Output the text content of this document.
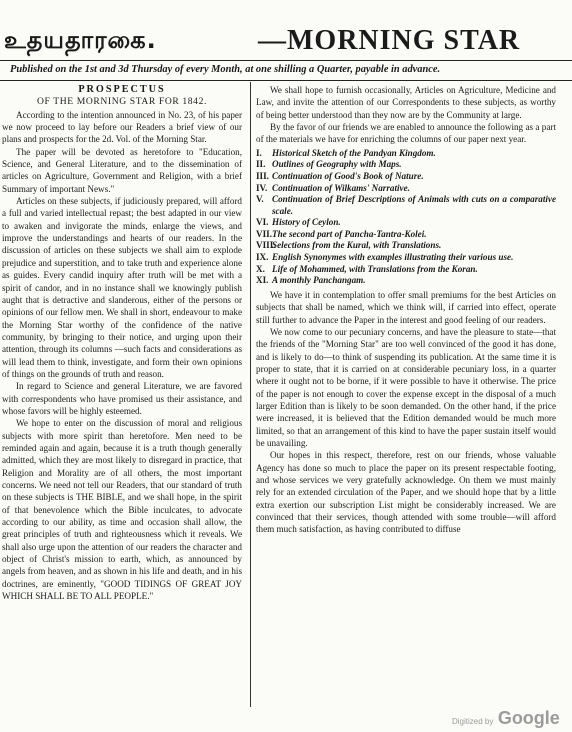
உதயதாரகை.	—MORNING STAR
Published on the 1st and 3d Thursday of every Month, at one shilling a Quarter, payable in advance.

PROSPECTUS

OF THE MORNING STAR FOR 1842.

According to the intention announced in No. 23, of his paper we now proceed to lay before our Readers a brief view of our plans and prospects for the 2d. Vol. of the Morning Star.

The paper will be devoted as heretofore to "Education, Science, and General Literature, and to the dissemination of articles on Agriculture, Government and Religion, with a brief Summary of important News."

Articles on these subjects, if judiciously prepared, will afford a full and varied intellectual repast; the best adapted in our view to awaken and invigorate the minds, enlarge the views, and improve the understandings and hearts of our readers. In the discussion of articles on these subjects we shall aim to explode prejudice and superstition, and to take truth and experience alone as guides. Every candid inquiry after truth will be met with a spirit of candor, and in no instance shall we knowingly publish aught that is detractive and slanderous, either of the persons or opinions of our fellow men. We shall in short, endeavour to make the Morning Star worthy of the confidence of the native community, by bringing to their notice, and urging upon their attention, through its columns —such facts and considerations as will lead them to think, investigate, and form their own opinions of things on the grounds of truth and reason.

In regard to Science and general Literature, we are favored with correspondents who have promised us their assistance, and whose favors will be highly esteemed.

We hope to enter on the discussion of moral and religious subjects with more spirit than heretofore. Men need to be reminded again and again, because it is a truth though generally admitted, which they are most likely to disregard in practice, that Religion and Morality are of all others, the most important concerns. We need not tell our Readers, that our standard of truth on these subjects is THE BIBLE, and we shall hope, in the spirit of that benevolence which the Bible inculcates, to advocate according to our ability, as time and occasion shall allow, the great principles of truth and righteousness which it reveals. We shall also urge upon the attention of our readers the character and object of Christ's mission to earth, which, as announced by angels from heaven, and as shown in his life and death, and in his doctrines, are eminently, "GOOD TIDINGS OF GREAT JOY WHICH SHALL BE TO ALL PEOPLE."

We shall hope to furnish occasionally, Articles on Agriculture, Medicine and Law, and invite the attention of our Correspondents to these subjects, as worthy of being better understood than they now are by the Community at large.

By the favor of our friends we are enabled to announce the following as a part of the materials we have for enriching the columns of our paper next year.

I. Historical Sketch of the Pandyan Kingdom.
II. Outlines of Geography with Maps.
III. Continuation of Good's Book of Nature.
IV. Continuation of Wilkams' Narrative.
V. Continuation of Brief Descriptions of Animals with cuts on a comparative scale.
VI. History of Ceylon.
VII.The second part of Pancha-Tantra-Kolei.
VIII.Selections from the Kural, with Translations.
IX. English Synonymes with examples illustrating their various use.
X. Life of Mohammed, with Translations from the Koran.
XI. A monthly Panchangam.

We have it in contemplation to offer small premiums for the best Articles on subjects that shall be named, which we think will, if carried into effect, operate still further to advance the Paper in the interest and good feeling of our readers.

We now come to our pecuniary concerns, and have the pleasure to state—that the friends of the "Morning Star" are too well convinced of the good it has done, and is likely to do—to think of suspending its publication. At the same time it is proper to state, that it is carried on at considerable pecuniary loss, in a quarter where it ought not to be borne, if it were possible to have it otherwise. The price of the paper is not enough to cover the expense except in the disposal of a much larger Edition than is likely to be soon demanded. On the other hand, if the price were increased, it is believed that the Edition demanded would be much more limited, so that an arrangement of this kind to have the paper sustain itself would be unavailing.

Our hopes in this respect, therefore, rest on our friends, whose valuable Agency has done so much to place the paper on its present respectable footing, and whose services we very gratefully acknowledge. On them we must mainly rely for an extended circulation of the Paper, and we should hope that by a little extra exertion our subscription List might be considerably increased. We are convinced that their services, though attended with some trouble—will afford them much satisfaction, as having contributed to diffuse

Digitized by Google
